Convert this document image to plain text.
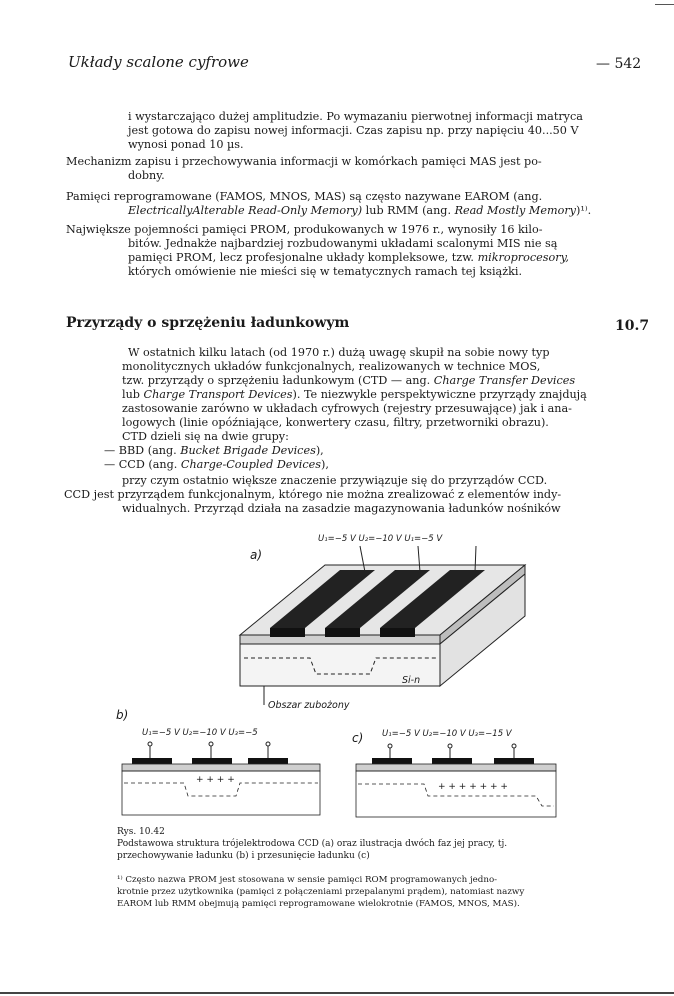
Układy scalone cyfrowe	— 542
i wystarczająco dużej amplitudzie. Po wymazaniu pierwotnej informacji matryca
jest gotowa do zapisu nowej informacji. Czas zapisu np. przy napięciu 40...50 V
wynosi ponad 10 µs.
Mechanizm zapisu i przechowywania informacji w komórkach pamięci MAS jest po-
dobny.
Pamięci reprogramowane (FAMOS, MNOS, MAS) są często nazywane EAROM (ang.
ElectricallyAlterable Read-Only Memory) lub RMM (ang. Read Mostly Memory)¹⁾.
Największe pojemności pamięci PROM, produkowanych w 1976 r., wynosiły 16 kilo-
bitów. Jednakże najbardziej rozbudowanymi układami scalonymi MIS nie są
pamięci PROM, lecz profesjonalne układy kompleksowe, tzw. mikroprocesory,
których omówienie nie mieści się w tematycznych ramach tej książki.
Przyrządy o sprzężeniu ładunkowym	10.7
W ostatnich kilku latach (od 1970 r.) dużą uwagę skupił na sobie nowy typ
monolitycznych układów funkcjonalnych, realizowanych w technice MOS,
tzw. przyrządy o sprzężeniu ładunkowym (CTD — ang. Charge Transfer Devices
lub Charge Transport Devices). Te niezwykle perspektywiczne przyrządy znajdują
zastosowanie zarówno w układach cyfrowych (rejestry przesuwające) jak i ana-
logowych (linie opóźniające, konwertery czasu, filtry, przetworniki obrazu).
CTD dzieli się na dwie grupy:
— BBD (ang. Bucket Brigade Devices),
— CCD (ang. Charge-Coupled Devices),
przy czym ostatnio większe znaczenie przywiązuje się do przyrządów CCD.
CCD jest przyrządem funkcjonalnym, którego nie można zrealizować z elementów indy-
widualnych. Przyrząd działa na zasadzie magazynowania ładunków nośników
a)
U₁=−5 V U₂=−10 V U₁=−5 V
Si-n
Obszar zubożony
b)
U₁=−5 V U₂=−10 V U₃=−5
+ + + +
c) U₁=−5 V U₂=−10 V U₃=−15 V
+ + + + + + +
Rys. 10.42
Podstawowa struktura trójelektrodowa CCD (a) oraz ilustracja dwóch faz jej pracy, tj.
przechowywanie ładunku (b) i przesunięcie ładunku (c)
¹⁾ Często nazwa PROM jest stosowana w sensie pamięci ROM programowanych jedno-
krotnie przez użytkownika (pamięci z połączeniami przepalanymi prądem), natomiast nazwy
EAROM lub RMM obejmują pamięci reprogramowane wielokrotnie (FAMOS, MNOS, MAS).
